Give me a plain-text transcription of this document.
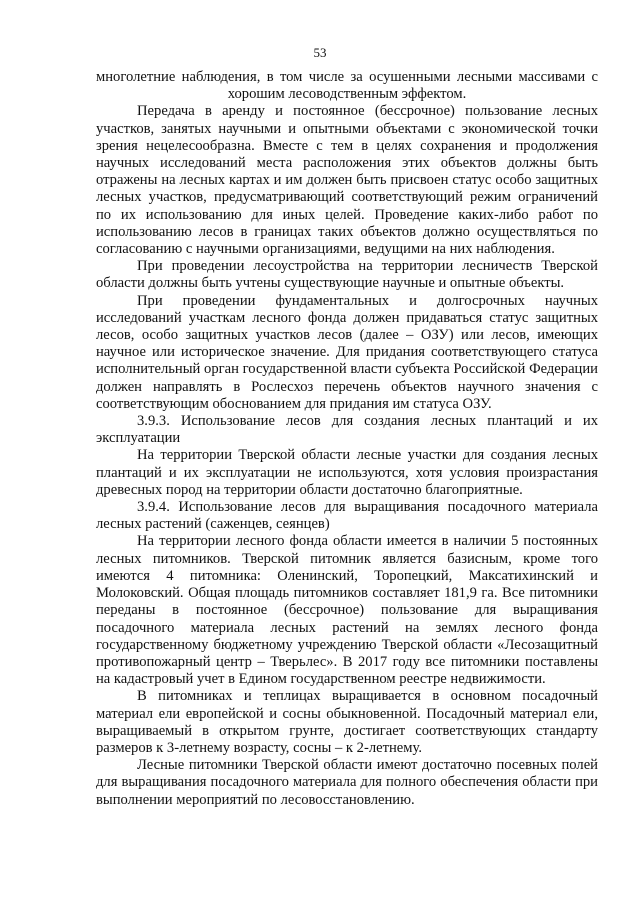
53

многолетние наблюдения, в том числе за осушенными лесными массивами с хорошим лесоводственным эффектом.

Передача в аренду и постоянное (бессрочное) пользование лесных участков, занятых научными и опытными объектами с экономической точки зрения нецелесообразна. Вместе с тем в целях сохранения и продолжения научных исследований места расположения этих объектов должны быть отражены на лесных картах и им должен быть присвоен статус особо защитных лесных участков, предусматривающий соответствующий режим ограничений по их использованию для иных целей. Проведение каких-либо работ по использованию лесов в границах таких объектов должно осуществляться по согласованию с научными организациями, ведущими на них наблюдения.

При проведении лесоустройства на территории лесничеств Тверской области должны быть учтены существующие научные и опытные объекты.

При проведении фундаментальных и долгосрочных научных исследований участкам лесного фонда должен придаваться статус защитных лесов, особо защитных участков лесов (далее – ОЗУ) или лесов, имеющих научное или историческое значение. Для придания соответствующего статуса исполнительный орган государственной власти субъекта Российской Федерации должен направлять в Рослесхоз перечень объектов научного значения с соответствующим обоснованием для придания им статуса ОЗУ.

3.9.3. Использование лесов для создания лесных плантаций и их эксплуатации

На территории Тверской области лесные участки для создания лесных плантаций и их эксплуатации не используются, хотя условия произрастания древесных пород на территории области достаточно благоприятные.

3.9.4. Использование лесов для выращивания посадочного материала лесных растений (саженцев, сеянцев)

На территории лесного фонда области имеется в наличии 5 постоянных лесных питомников. Тверской питомник является базисным, кроме того имеются 4 питомника: Оленинский, Торопецкий, Максатихинский и Молоковский. Общая площадь питомников составляет 181,9 га. Все питомники переданы в постоянное (бессрочное) пользование для выращивания посадочного материала лесных растений на землях лесного фонда государственному бюджетному учреждению Тверской области «Лесозащитный противопожарный центр – Тверьлес». В 2017 году все питомники поставлены на кадастровый учет в Едином государственном реестре недвижимости.

В питомниках и теплицах выращивается в основном посадочный материал ели европейской и сосны обыкновенной. Посадочный материал ели, выращиваемый в открытом грунте, достигает соответствующих стандарту размеров к 3-летнему возрасту, сосны – к 2-летнему.

Лесные питомники Тверской области имеют достаточно посевных полей для выращивания посадочного материала для полного обеспечения области при выполнении мероприятий по лесовосстановлению.
